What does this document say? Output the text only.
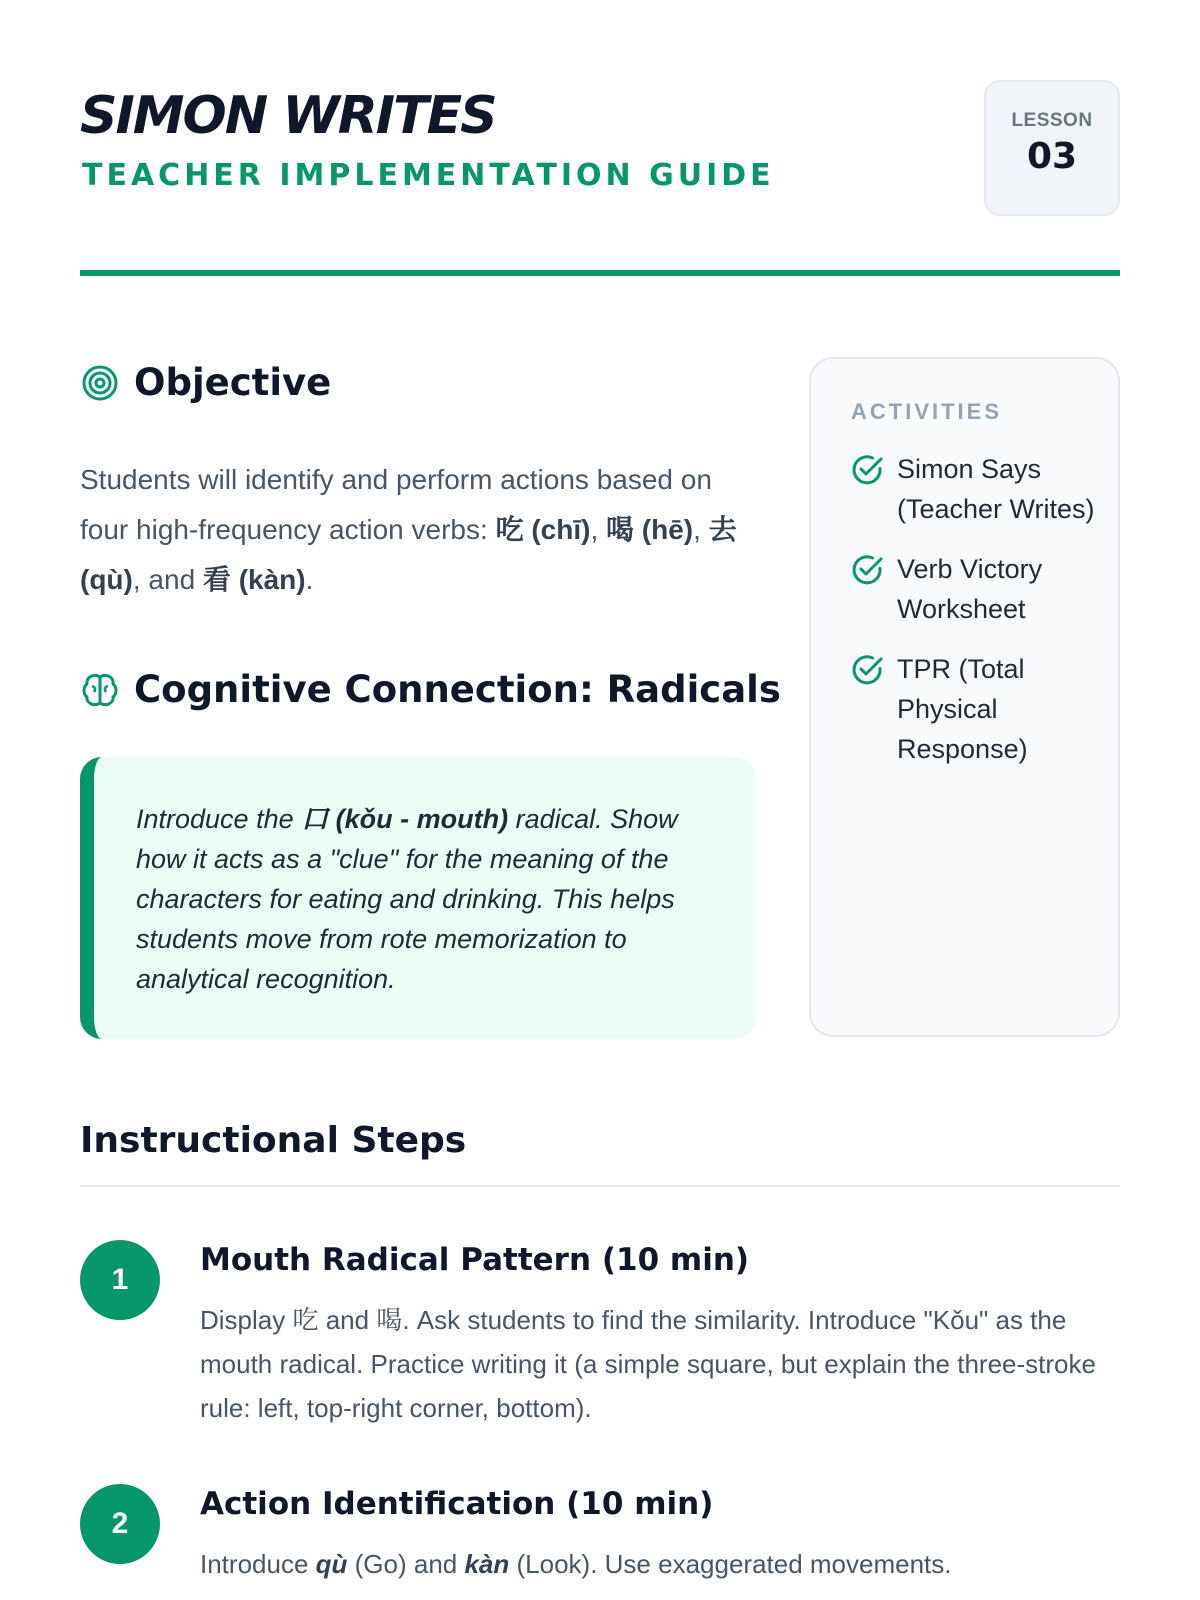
SIMON WRITES
TEACHER IMPLEMENTATION GUIDE
LESSON
03
Objective

Students will identify and perform actions based on four high-frequency action verbs: 吃 (chī), 喝 (hē), 去 (qù), and 看 (kàn).

Cognitive Connection: Radicals

Introduce the 口 (kǒu - mouth) radical. Show how it acts as a "clue" for the meaning of the characters for eating and drinking. This helps students move from rote memorization to analytical recognition.

ACTIVITIES
Simon Says (Teacher Writes)
Verb Victory Worksheet
TPR (Total Physical Response)
Instructional Steps
1
Mouth Radical Pattern (10 min)

Display 吃 and 喝. Ask students to find the similarity. Introduce "Kǒu" as the mouth radical. Practice writing it (a simple square, but explain the three-stroke rule: left, top-right corner, bottom).

2
Action Identification (10 min)

Introduce qù (Go) and kàn (Look). Use exaggerated movements.
